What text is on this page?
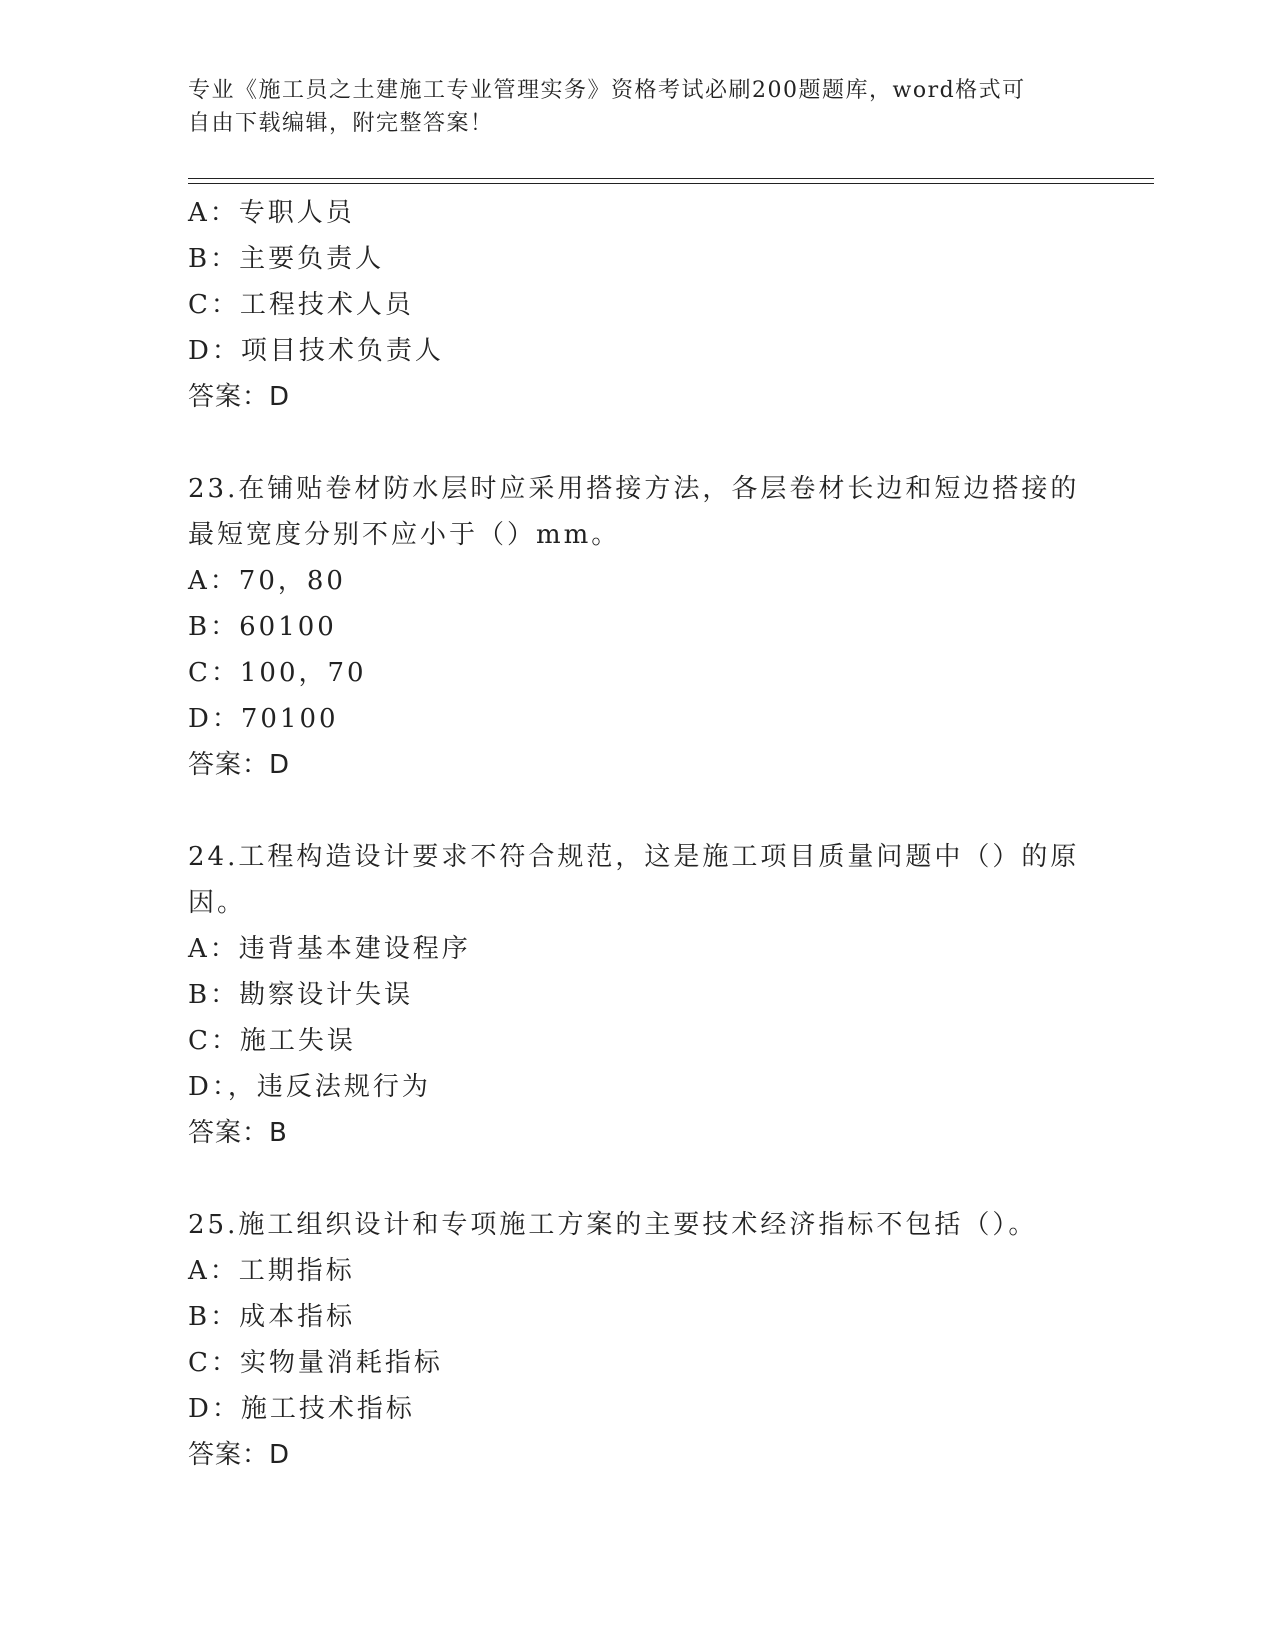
专业《施工员之土建施工专业管理实务》资格考试必刷200题题库，word格式可
自由下载编辑，附完整答案！
A：专职人员
B：主要负责人
C：工程技术人员
D：项目技术负责人
答案：D
23.在铺贴卷材防水层时应采用搭接方法，各层卷材长边和短边搭接的最短宽度分别不应小于（）mm。
A：70，80
B：60100
C：100，70
D：70100
答案：D
24.工程构造设计要求不符合规范，这是施工项目质量问题中（）的原因。
A：违背基本建设程序
B：勘察设计失误
C：施工失误
D：，违反法规行为
答案：B
25.施工组织设计和专项施工方案的主要技术经济指标不包括（）。
A：工期指标
B：成本指标
C：实物量消耗指标
D：施工技术指标
答案：D
